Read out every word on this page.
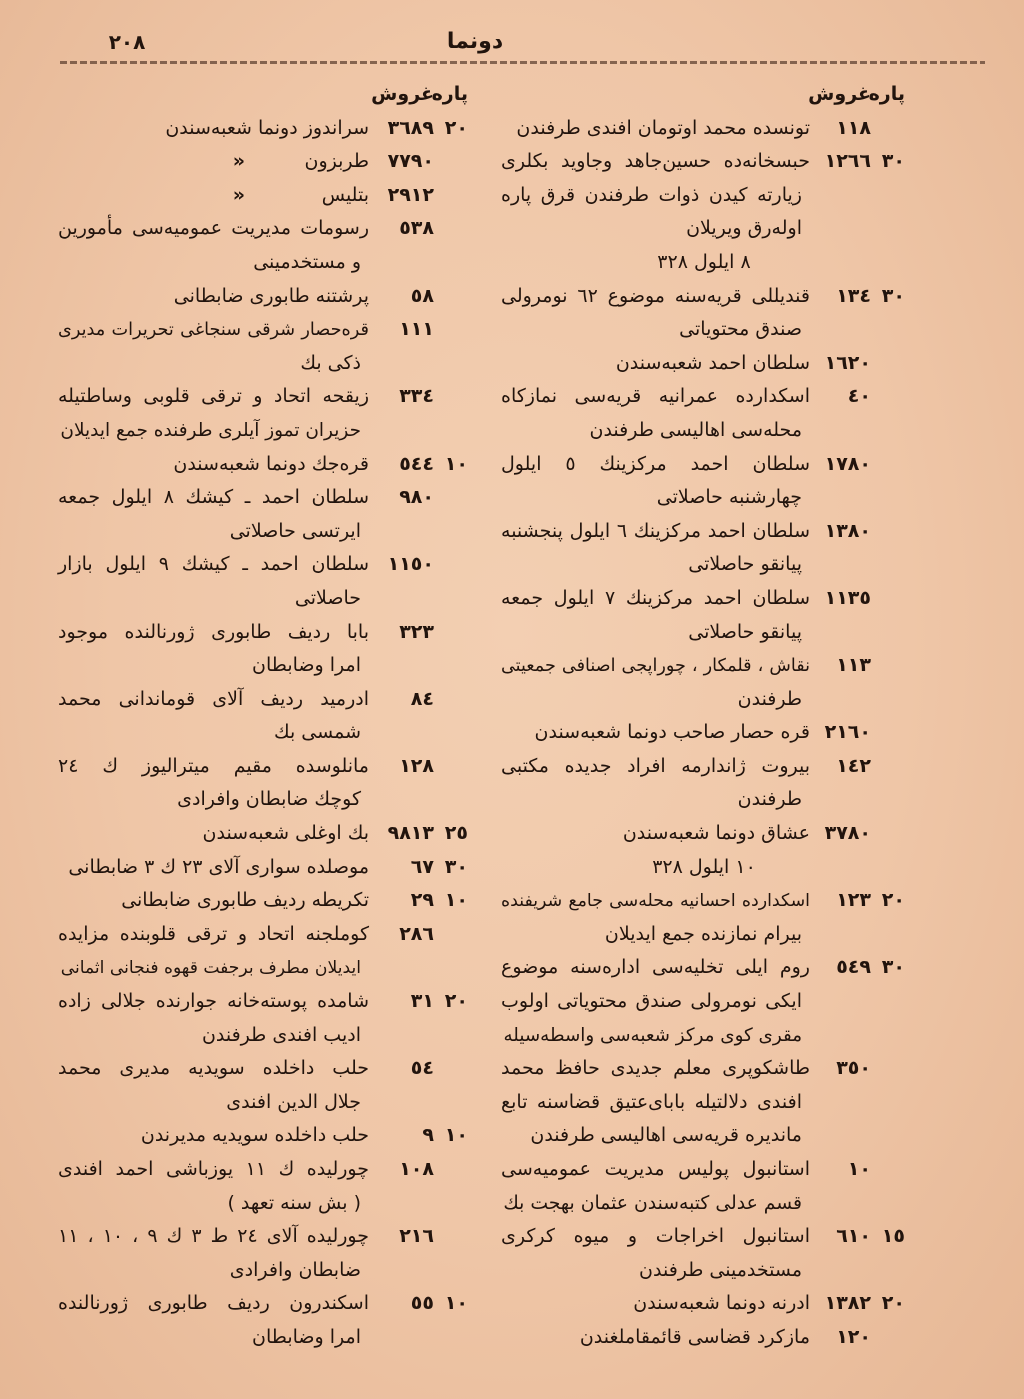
٢٠٨	دونما
پاره
غروش
١١٨
تونسده محمد اوتومان افندی طرفندن
٣٠
١٢٦٦
حبسخانه‌ده حسین‌جاهد وجاوید بکلری
زیارته کیدن ذوات طرفندن قرق پاره
اوله‌رق ویریلان
٨ ایلول ٣٢٨
٣٠
١٣٤
قندیللی قریه‌سنه موضوع ٦٢ نومرولی
صندق محتویاتی
١٦٢٠
سلطان احمد شعبه‌سندن
٤٠
اسکدارده عمرانیه قریه‌سی نمازکاه
محله‌سی اهالیسی طرفندن
١٧٨٠
سلطان احمد مرکزینك ٥ ایلول
چهارشنبه حاصلاتی
١٣٨٠
سلطان احمد مرکزینك ٦ ایلول پنجشنبه
پیانقو حاصلاتی
١١٣٥
سلطان احمد مرکزینك ٧ ایلول جمعه
پیانقو حاصلاتی
١١٣
نقاش ، قلمکار ، چوراپجی اصنافی جمعیتی
طرفندن
٢١٦٠
قره حصار صاحب دونما شعبه‌سندن
١٤٢
بیروت ژاندارمه افراد جدیده مکتبی
طرفندن
٣٧٨٠
عشاق دونما شعبه‌سندن
١٠ ایلول ٣٢٨
٢٠
١٢٣
اسکدارده احسانیه محله‌سی جامع شریفنده
بیرام نمازنده جمع ایدیلان
٣٠
٥٤٩
روم ایلی تخلیه‌سی اداره‌سنه موضوع
ایکی نومرولی صندق محتویاتی اولوب
مقری کوی مرکز شعبه‌سی واسطه‌سیله
٣٥٠
طاشکوپری معلم جدیدی حافظ محمد
افندی دلالتیله بابای‌عتیق قضاسنه تابع
ماندیره قریه‌سی اهالیسی طرفندن
١٠
استانبول پولیس مدیریت عمومیه‌سی
قسم عدلی کتبه‌سندن عثمان بهجت بك
١٥
٦١٠
استانبول اخراجات و میوه کرکری
مستخدمینی طرفندن
٢٠
١٣٨٢
ادرنه دونما شعبه‌سندن
١٢٠
مازکرد قضاسی قائمقاملغندن
پاره
غروش
٢٠
٣٦٨٩
سراندوز دونما شعبه‌سندن
٧٧٩٠
طربزون
«
٢٩١٢
بتلیس
«
٥٣٨
رسومات مدیریت عمومیه‌سی مأمورین
و مستخدمینی
٥٨
پرشتنه طابوری ضابطانی
١١١
قره‌حصار شرقی سنجاغی تحریرات مدیری
ذکی بك
٣٣٤
زیقحه اتحاد و ترقی قلوبی وساطتیله
حزیران تموز آیلری طرفنده جمع ایدیلان
١٠
٥٤٤
قره‌جك دونما شعبه‌سندن
٩٨٠
سلطان احمد ـ کیشك ٨ ایلول جمعه
ایرتسی حاصلاتی
١١٥٠
سلطان احمد ـ کیشك ٩ ایلول بازار
حاصلاتی
٣٢٣
بابا ردیف طابوری ژورنالنده موجود
امرا وضابطان
٨٤
ادرمید ردیف آلای قوماندانی محمد
شمسی بك
١٢٨
مانلوسده مقیم میترالیوز ك ٢٤
کوچك ضابطان وافرادی
٢٥
٩٨١٣
بك اوغلی شعبه‌سندن
٣٠
٦٧
موصلده سواری آلای ٢٣ ك ٣ ضابطانی
١٠
٢٩
تکریطه ردیف طابوری ضابطانی
٢٨٦
کوملجنه اتحاد و ترقی قلوبنده مزایده
ایدیلان مطرف برجفت قهوه فنجانی اثمانی
٢٠
٣١
شامده پوسته‌خانه جوارنده جلالی زاده
ادیب افندی طرفندن
٥٤
حلب داخلده سویدیه مدیری محمد
جلال الدین افندی
١٠
٩
حلب داخلده سویدیه مدیرندن
١٠٨
چورلیده ك ١١ یوزباشی احمد افندی
( بش سنه تعهد )
٢١٦
چورلیده آلای ٢٤ ط ٣ ك ٩ ، ١٠ ، ١١
ضابطان وافرادی
١٠
٥٥
اسکندرون ردیف طابوری ژورنالنده
امرا وضابطان
